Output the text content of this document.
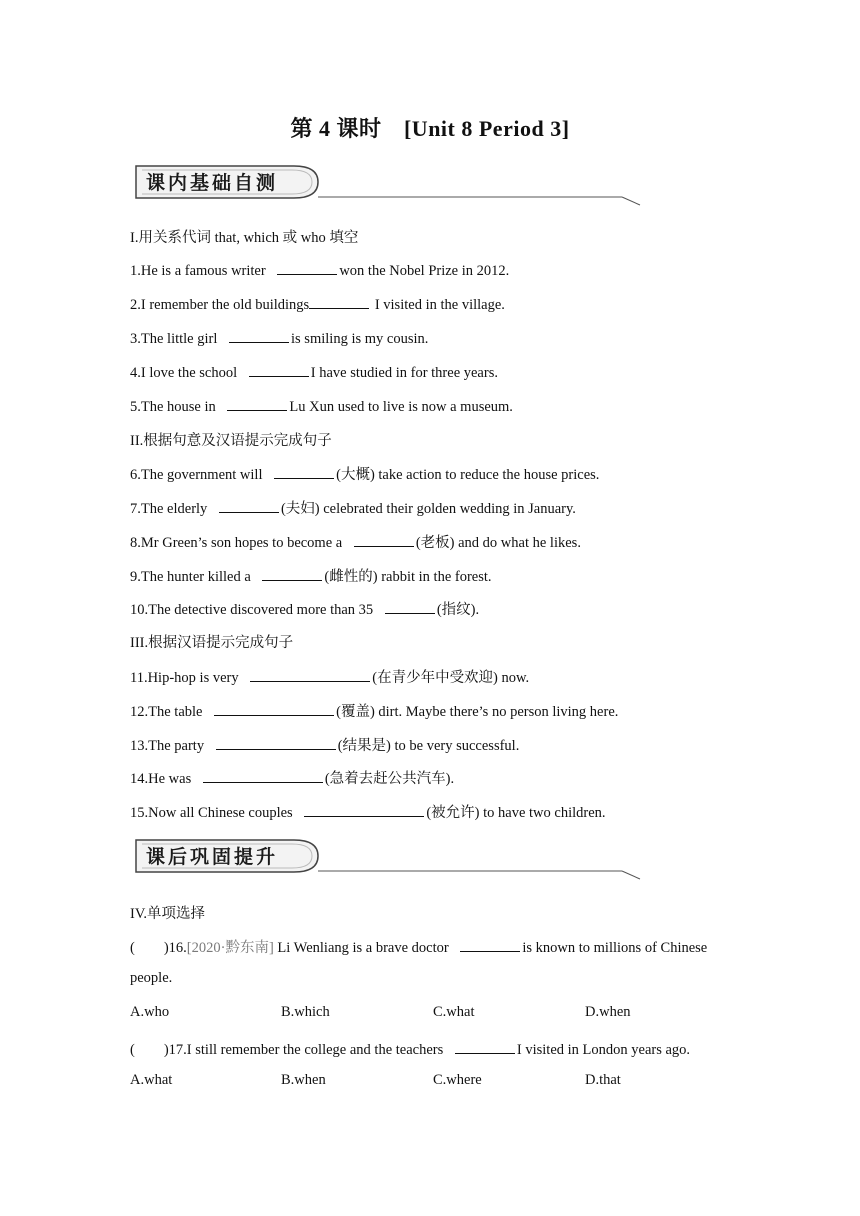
第 4 课时　[Unit 8 Period 3]
课内基础自测
I.用关系代词 that, which 或 who 填空
1.He is a famous writer	won the Nobel Prize in 2012.
2.I remember the old buildings	I visited in the village.
3.The little girl	is smiling is my cousin.
4.I love the school	I have studied in for three years.
5.The house in	Lu Xun used to live is now a museum.
II.根据句意及汉语提示完成句子
6.The government will	(大概) take action to reduce the house prices.
7.The elderly	(夫妇) celebrated their golden wedding in January.
8.Mr Green’s son hopes to become a	(老板) and do what he likes.
9.The hunter killed a	(雌性的) rabbit in the forest.
10.The detective discovered more than 35	(指纹).
III.根据汉语提示完成句子
11.Hip-hop is very	(在青少年中受欢迎) now.
12.The table	(覆盖) dirt. Maybe there’s no person living here.
13.The party	(结果是) to be very successful.
14.He was	(急着去赶公共汽车).
15.Now all Chinese couples	(被允许) to have two children.
课后巩固提升
IV.单项选择
(　　)16.[2020·黔东南] Li Wenliang is a brave doctor	is known to millions of Chinese
people.
A.who	B.which	C.what	D.when
(　　)17.I still remember the college and the teachers	I visited in London years ago.
A.what	B.when	C.where	D.that
